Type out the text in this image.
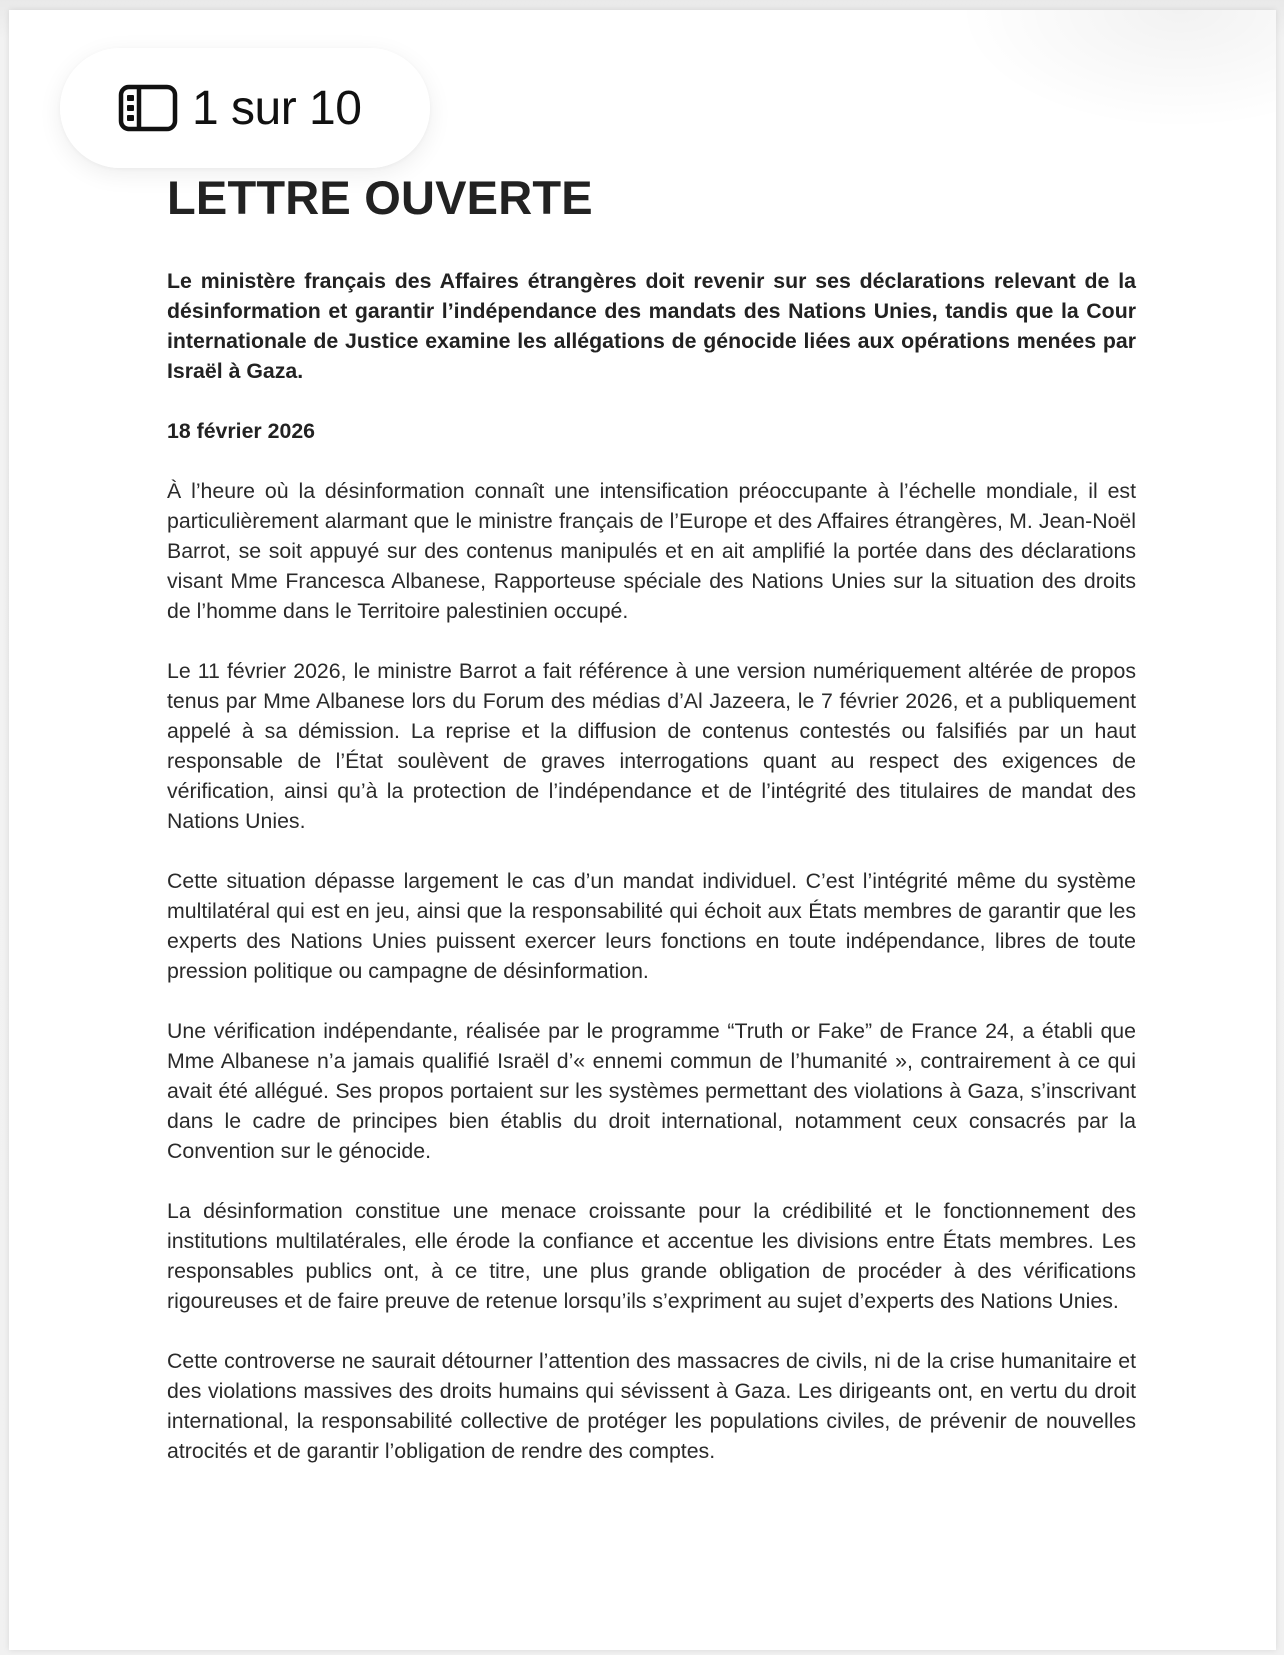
LETTRE OUVERTE

Le ministère français des Affaires étrangères doit revenir sur ses déclarations relevant de la désinformation et garantir l’indépendance des mandats des Nations Unies, tandis que la Cour internationale de Justice examine les allégations de génocide liées aux opérations menées par Israël à Gaza.

18 février 2026

À l’heure où la désinformation connaît une intensification préoccupante à l’échelle mondiale, il est particulièrement alarmant que le ministre français de l’Europe et des Affaires étrangères, M. Jean-Noël Barrot, se soit appuyé sur des contenus manipulés et en ait amplifié la portée dans des déclarations visant Mme Francesca Albanese, Rapporteuse spéciale des Nations Unies sur la situation des droits de l’homme dans le Territoire palestinien occupé.

Le 11 février 2026, le ministre Barrot a fait référence à une version numériquement altérée de propos tenus par Mme Albanese lors du Forum des médias d’Al Jazeera, le 7 février 2026, et a publiquement appelé à sa démission. La reprise et la diffusion de contenus contestés ou falsifiés par un haut responsable de l’État soulèvent de graves interrogations quant au respect des exigences de vérification, ainsi qu’à la protection de l’indépendance et de l’intégrité des titulaires de mandat des Nations Unies.

Cette situation dépasse largement le cas d’un mandat individuel. C’est l’intégrité même du système multilatéral qui est en jeu, ainsi que la responsabilité qui échoit aux États membres de garantir que les experts des Nations Unies puissent exercer leurs fonctions en toute indépendance, libres de toute pression politique ou campagne de désinformation.

Une vérification indépendante, réalisée par le programme “Truth or Fake” de France 24, a établi que Mme Albanese n’a jamais qualifié Israël d’« ennemi commun de l’humanité », contrairement à ce qui avait été allégué. Ses propos portaient sur les systèmes permettant des violations à Gaza, s’inscrivant dans le cadre de principes bien établis du droit international, notamment ceux consacrés par la Convention sur le génocide.

La désinformation constitue une menace croissante pour la crédibilité et le fonctionnement des institutions multilatérales, elle érode la confiance et accentue les divisions entre États membres. Les responsables publics ont, à ce titre, une plus grande obligation de procéder à des vérifications rigoureuses et de faire preuve de retenue lorsqu’ils s’expriment au sujet d’experts des Nations Unies.

Cette controverse ne saurait détourner l’attention des massacres de civils, ni de la crise humanitaire et des violations massives des droits humains qui sévissent à Gaza. Les dirigeants ont, en vertu du droit international, la responsabilité collective de protéger les populations civiles, de prévenir de nouvelles atrocités et de garantir l’obligation de rendre des comptes.

1 sur 10
